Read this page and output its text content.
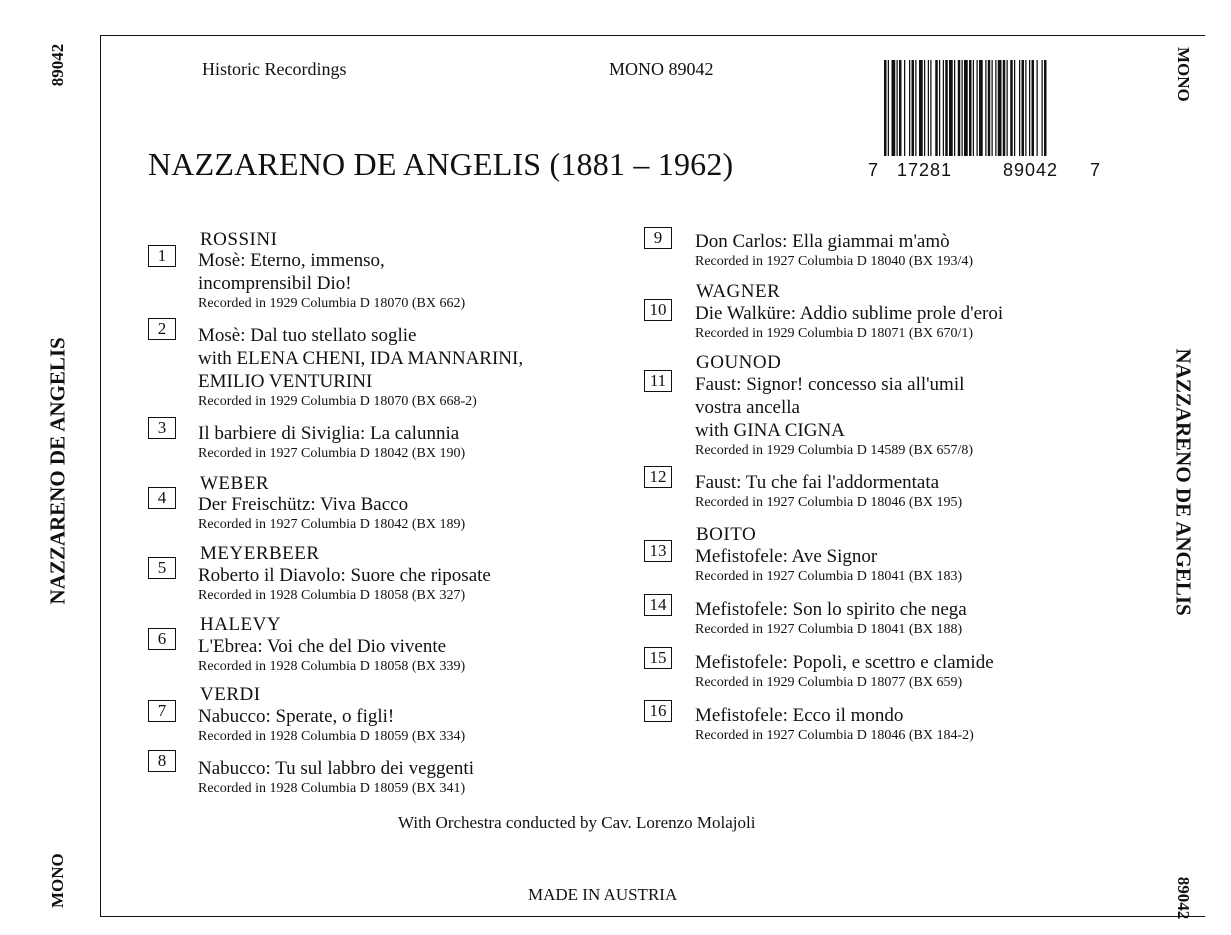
89042
NAZZARENO DE ANGELIS
MONO
MONO
NAZZARENO DE ANGELIS
89042
Historic Recordings	MONO 89042
NAZZARENO DE ANGELIS (1881 – 1962)	7 17281	89042 7
ROSSINI
1	Mosè: Eterno, immenso,
incomprensibil Dio!
Recorded in 1929 Columbia D 18070 (BX 662)
2	Mosè: Dal tuo stellato soglie
with ELENA CHENI, IDA MANNARINI,
EMILIO VENTURINI
Recorded in 1929 Columbia D 18070 (BX 668-2)
3	Il barbiere di Siviglia: La calunnia
Recorded in 1927 Columbia D 18042 (BX 190)
WEBER
4	Der Freischütz: Viva Bacco
Recorded in 1927 Columbia D 18042 (BX 189)
MEYERBEER
5	Roberto il Diavolo: Suore che riposate
Recorded in 1928 Columbia D 18058 (BX 327)
HALEVY
6	L'Ebrea: Voi che del Dio vivente
Recorded in 1928 Columbia D 18058 (BX 339)
VERDI
7	Nabucco: Sperate, o figli!
Recorded in 1928 Columbia D 18059 (BX 334)
8	Nabucco: Tu sul labbro dei veggenti
Recorded in 1928 Columbia D 18059 (BX 341)
9	Don Carlos: Ella giammai m'amò
Recorded in 1927 Columbia D 18040 (BX 193/4)
WAGNER
10 Die Walküre: Addio sublime prole d'eroi
Recorded in 1929 Columbia D 18071 (BX 670/1)
GOUNOD
11	Faust: Signor! concesso sia all'umil
vostra ancella
with GINA CIGNA
Recorded in 1929 Columbia D 14589 (BX 657/8)
12 Faust: Tu che fai l'addormentata
Recorded in 1927 Columbia D 18046 (BX 195)
BOITO
13 Mefistofele: Ave Signor
Recorded in 1927 Columbia D 18041 (BX 183)
14 Mefistofele: Son lo spirito che nega
Recorded in 1927 Columbia D 18041 (BX 188)
15 Mefistofele: Popoli, e scettro e clamide
Recorded in 1929 Columbia D 18077 (BX 659)
16 Mefistofele: Ecco il mondo
Recorded in 1927 Columbia D 18046 (BX 184-2)
With Orchestra conducted by Cav. Lorenzo Molajoli
MADE IN AUSTRIA
